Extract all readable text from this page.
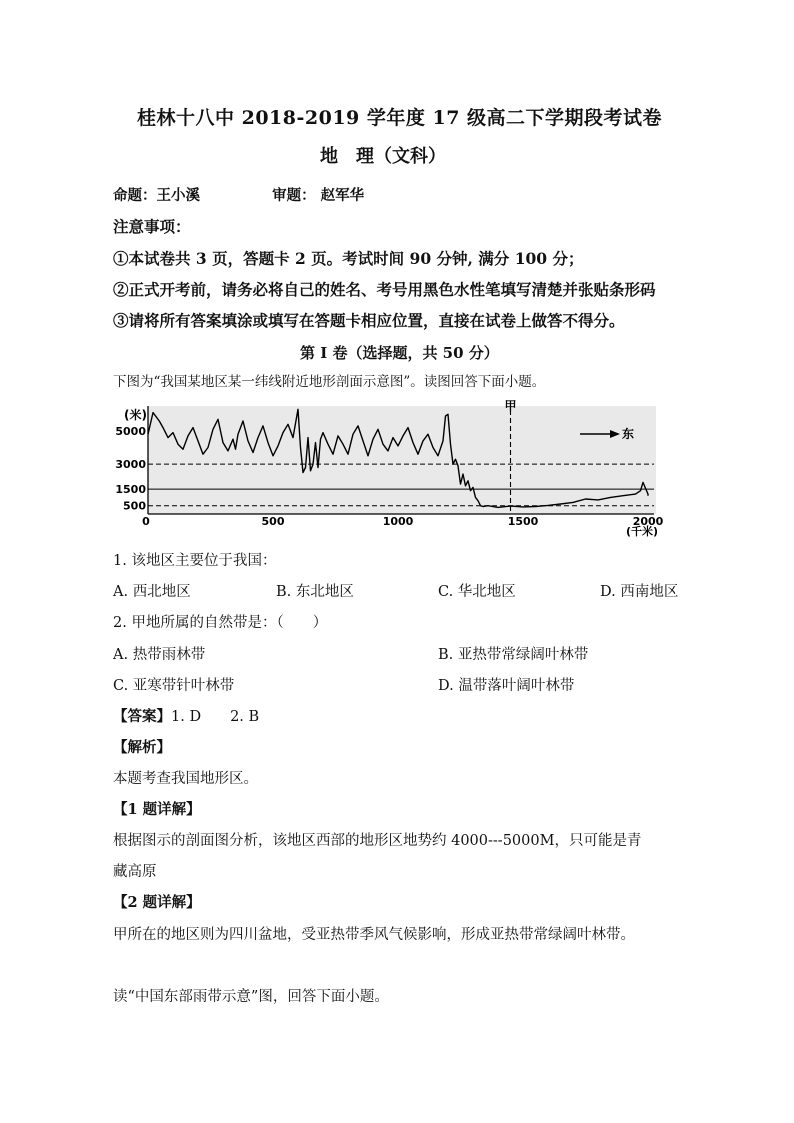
桂林十八中 2018-2019 学年度 17 级高二下学期段考试卷
地　理（文科）
命题：王小溪	审题： 赵军华
注意事项：
①本试卷共 3 页，答题卡 2 页。考试时间 90 分钟, 满分 100 分；
②正式开考前，请务必将自己的姓名、考号用黑色水性笔填写清楚并张贴条形码
③请将所有答案填涂或填写在答题卡相应位置，直接在试卷上做答不得分。
第 I 卷（选择题，共 50 分）
下图为“我国某地区某一纬线附近地形剖面示意图”。读图回答下面小题。
(米)
5000
3000
1500
500
0	500	1000	1500	2000
(千米)
甲
东
1. 该地区主要位于我国：
A. 西北地区	B. 东北地区	C. 华北地区	D. 西南地区
2. 甲地所属的自然带是：（　　）
A. 热带雨林带	B. 亚热带常绿阔叶林带
C. 亚寒带针叶林带	D. 温带落叶阔叶林带
【答案】1. D　　2. B
【解析】
本题考查我国地形区。
【1 题详解】
根据图示的剖面图分析，该地区西部的地形区地势约 4000---5000M，只可能是青
藏高原
【2 题详解】
甲所在的地区则为四川盆地，受亚热带季风气候影响，形成亚热带常绿阔叶林带。
读“中国东部雨带示意”图，回答下面小题。
